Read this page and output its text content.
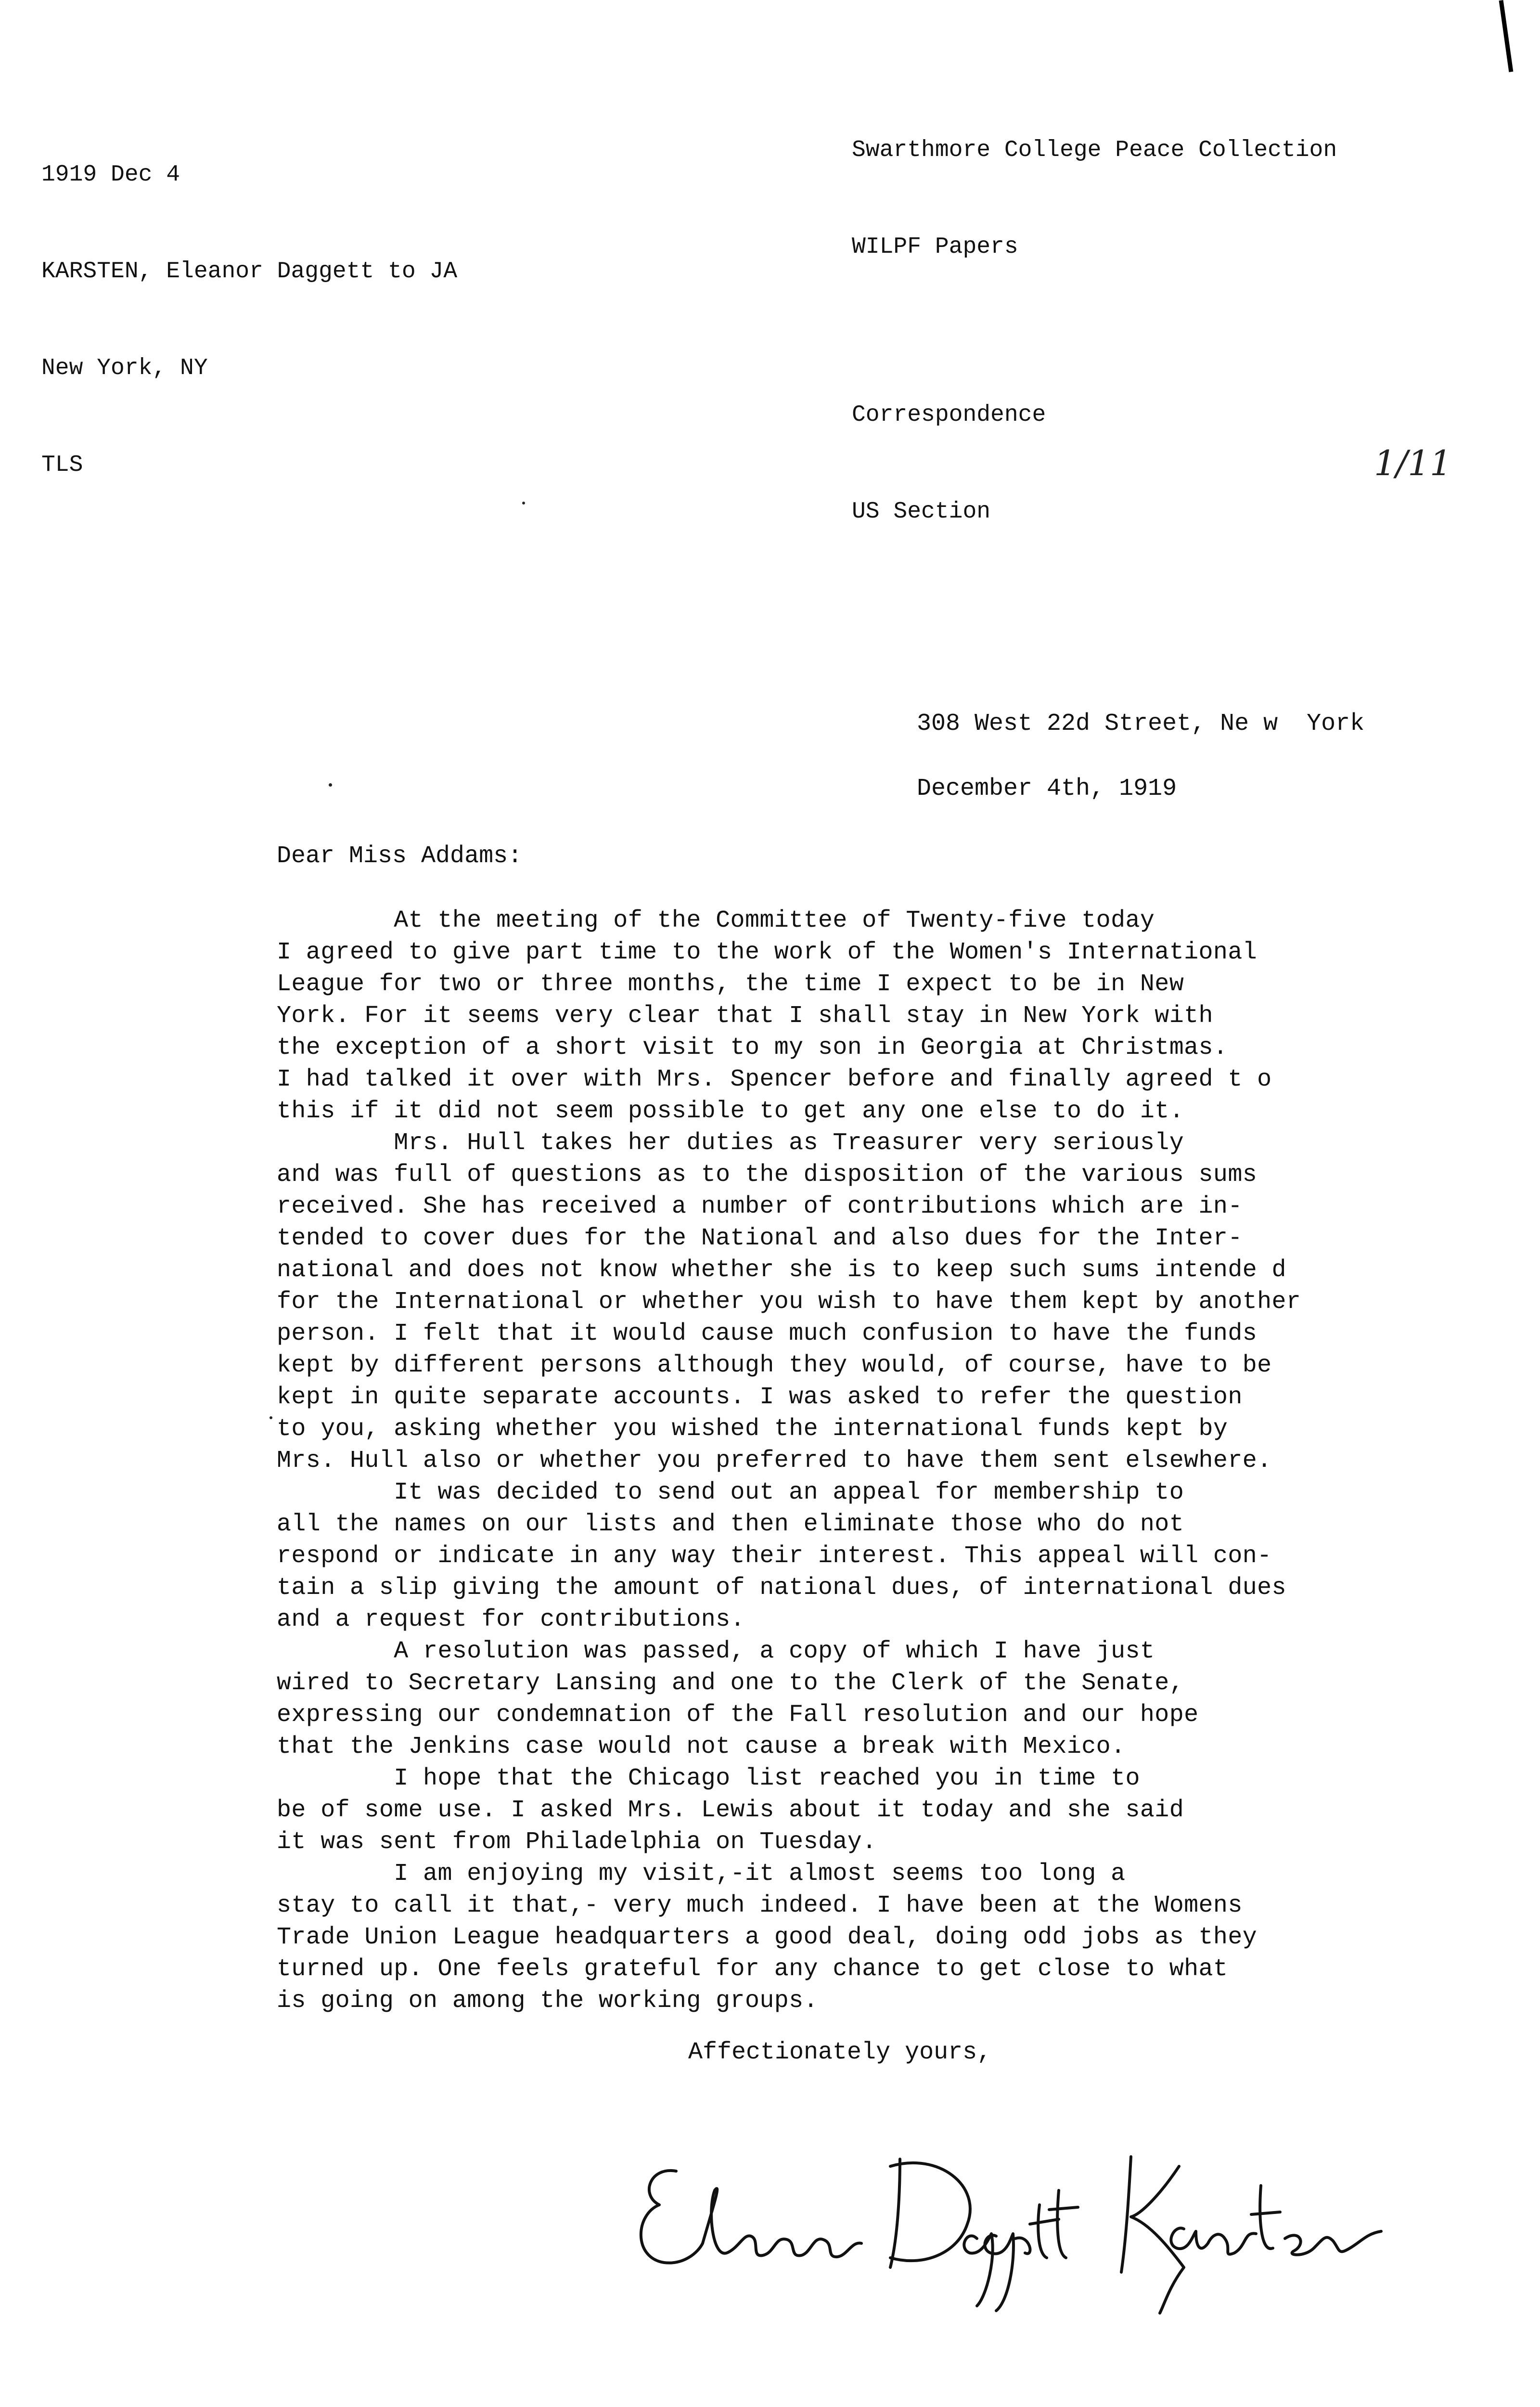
1919 Dec 4

KARSTEN, Eleanor Daggett to JA

New York, NY

TLS

Swarthmore College Peace Collection

WILPF Papers

Correspondence

US Section

1/11
308 West 22d Street, Ne w  York
December 4th, 1919
Dear Miss Addams:
At the meeting of the Committee of Twenty-five today
I agreed to give part time to the work of the Women's International
League for two or three months, the time I expect to be in New
York. For it seems very clear that I shall stay in New York with
the exception of a short visit to my son in Georgia at Christmas.
I had talked it over with Mrs. Spencer before and finally agreed t o
this if it did not seem possible to get any one else to do it.
Mrs. Hull takes her duties as Treasurer very seriously
and was full of questions as to the disposition of the various sums
received. She has received a number of contributions which are in-
tended to cover dues for the National and also dues for the Inter-
national and does not know whether she is to keep such sums intende d
for the International or whether you wish to have them kept by another
person. I felt that it would cause much confusion to have the funds
kept by different persons although they would, of course, have to be
kept in quite separate accounts. I was asked to refer the question
to you, asking whether you wished the international funds kept by
Mrs. Hull also or whether you preferred to have them sent elsewhere.
It was decided to send out an appeal for membership to
all the names on our lists and then eliminate those who do not
respond or indicate in any way their interest. This appeal will con-
tain a slip giving the amount of national dues, of international dues
and a request for contributions.
A resolution was passed, a copy of which I have just
wired to Secretary Lansing and one to the Clerk of the Senate,
expressing our condemnation of the Fall resolution and our hope
that the Jenkins case would not cause a break with Mexico.
I hope that the Chicago list reached you in time to
be of some use. I asked Mrs. Lewis about it today and she said
it was sent from Philadelphia on Tuesday.
I am enjoying my visit,-it almost seems too long a
stay to call it that,- very much indeed. I have been at the Womens
Trade Union League headquarters a good deal, doing odd jobs as they
turned up. One feels grateful for any chance to get close to what
is going on among the working groups.
Affectionately yours,
